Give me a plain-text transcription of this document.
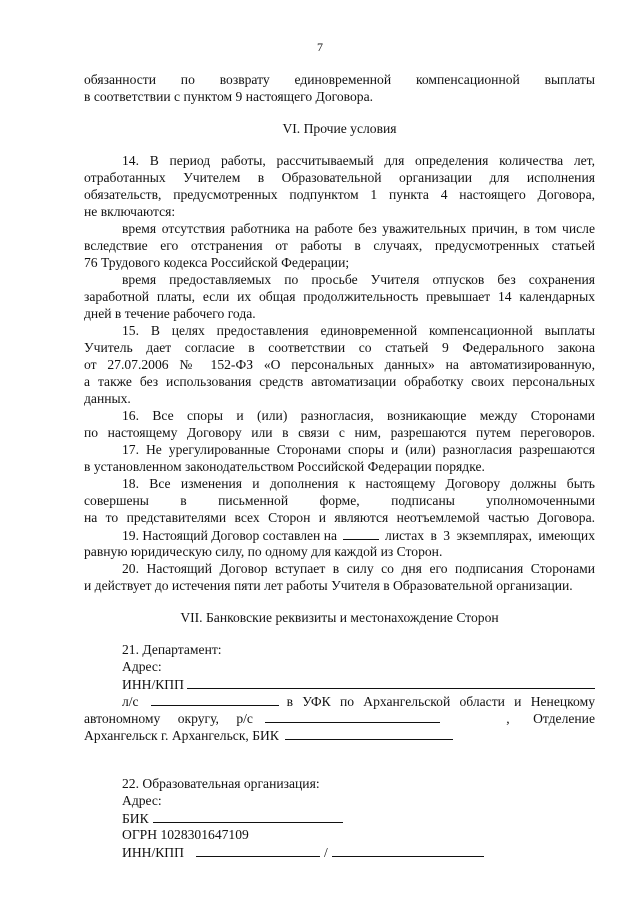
7
обязанности по возврату единовременной компенсационной выплаты
в соответствии с пунктом 9 настоящего Договора.
VI. Прочие условия
14. В период работы, рассчитываемый для определения количества лет,
отработанных Учителем в Образовательной организации для исполнения
обязательств, предусмотренных подпунктом 1 пункта 4 настоящего Договора,
не включаются:
время отсутствия работника на работе без уважительных причин, в том числе
вследствие его отстранения от работы в случаях, предусмотренных статьей
76 Трудового кодекса Российской Федерации;
время предоставляемых по просьбе Учителя отпусков без сохранения
заработной платы, если их общая продолжительность превышает 14 календарных
дней в течение рабочего года.
15. В целях предоставления единовременной компенсационной выплаты
Учитель дает согласие в соответствии со статьей 9 Федерального закона
от 27.07.2006 № 152-ФЗ «О персональных данных» на автоматизированную,
а также без использования средств автоматизации обработку своих персональных
данных.
16. Все споры и (или) разногласия, возникающие между Сторонами
по настоящему Договору или в связи с ним, разрешаются путем переговоров.
17. Не урегулированные Сторонами споры и (или) разногласия разрешаются
в установленном законодательством Российской Федерации порядке.
18. Все изменения и дополнения к настоящему Договору должны быть
совершены в письменной форме, подписаны уполномоченными
на то представителями всех Сторон и являются неотъемлемой частью Договора.
19. Настоящий Договор составлен на	листах в 3 экземплярах, имеющих
равную юридическую силу, по одному для каждой из Сторон.
20. Настоящий Договор вступает в силу со дня его подписания Сторонами
и действует до истечения пяти лет работы Учителя в Образовательной организации.
VII. Банковские реквизиты и местонахождение Сторон
21. Департамент:
Адрес:
ИНН/КПП
л/с	в УФК по Архангельской области и Ненецкому
автономному округу, р/с	, Отделение
Архангельск г. Архангельск, БИК
22. Образовательная организация:
Адрес:
БИК
ОГРН 1028301647109
ИНН/КПП	/
